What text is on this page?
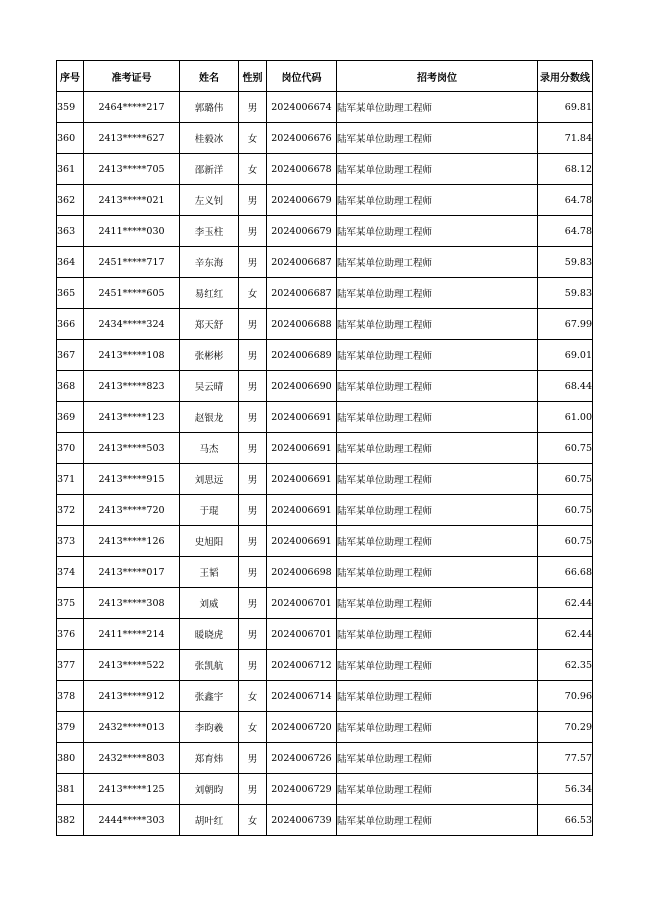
序号	准考证号	姓名	性别	岗位代码	招考岗位	录用分数线
359	2464*****217	郭璐伟	男	2024006674	陆军某单位助理工程师	69.81
360	2413*****627	桂毅冰	女	2024006676	陆军某单位助理工程师	71.84
361	2413*****705	邵新洋	女	2024006678	陆军某单位助理工程师	68.12
362	2413*****021	左义钊	男	2024006679	陆军某单位助理工程师	64.78
363	2411*****030	李玉柱	男	2024006679	陆军某单位助理工程师	64.78
364	2451*****717	辛东海	男	2024006687	陆军某单位助理工程师	59.83
365	2451*****605	易红红	女	2024006687	陆军某单位助理工程师	59.83
366	2434*****324	郑天舒	男	2024006688	陆军某单位助理工程师	67.99
367	2413*****108	张彬彬	男	2024006689	陆军某单位助理工程师	69.01
368	2413*****823	吴云晴	男	2024006690	陆军某单位助理工程师	68.44
369	2413*****123	赵银龙	男	2024006691	陆军某单位助理工程师	61.00
370	2413*****503	马杰	男	2024006691	陆军某单位助理工程师	60.75
371	2413*****915	刘思远	男	2024006691	陆军某单位助理工程师	60.75
372	2413*****720	于琨	男	2024006691	陆军某单位助理工程师	60.75
373	2413*****126	史旭阳	男	2024006691	陆军某单位助理工程师	60.75
374	2413*****017	王韬	男	2024006698	陆军某单位助理工程师	66.68
375	2413*****308	刘威	男	2024006701	陆军某单位助理工程师	62.44
376	2411*****214	暖晓虎	男	2024006701	陆军某单位助理工程师	62.44
377	2413*****522	张凯航	男	2024006712	陆军某单位助理工程师	62.35
378	2413*****912	张鑫宇	女	2024006714	陆军某单位助理工程师	70.96
379	2432*****013	李昀羲	女	2024006720	陆军某单位助理工程师	70.29
380	2432*****803	郑育炜	男	2024006726	陆军某单位助理工程师	77.57
381	2413*****125	刘朝昀	男	2024006729	陆军某单位助理工程师	56.34
382	2444*****303	胡叶红	女	2024006739	陆军某单位助理工程师	66.53
